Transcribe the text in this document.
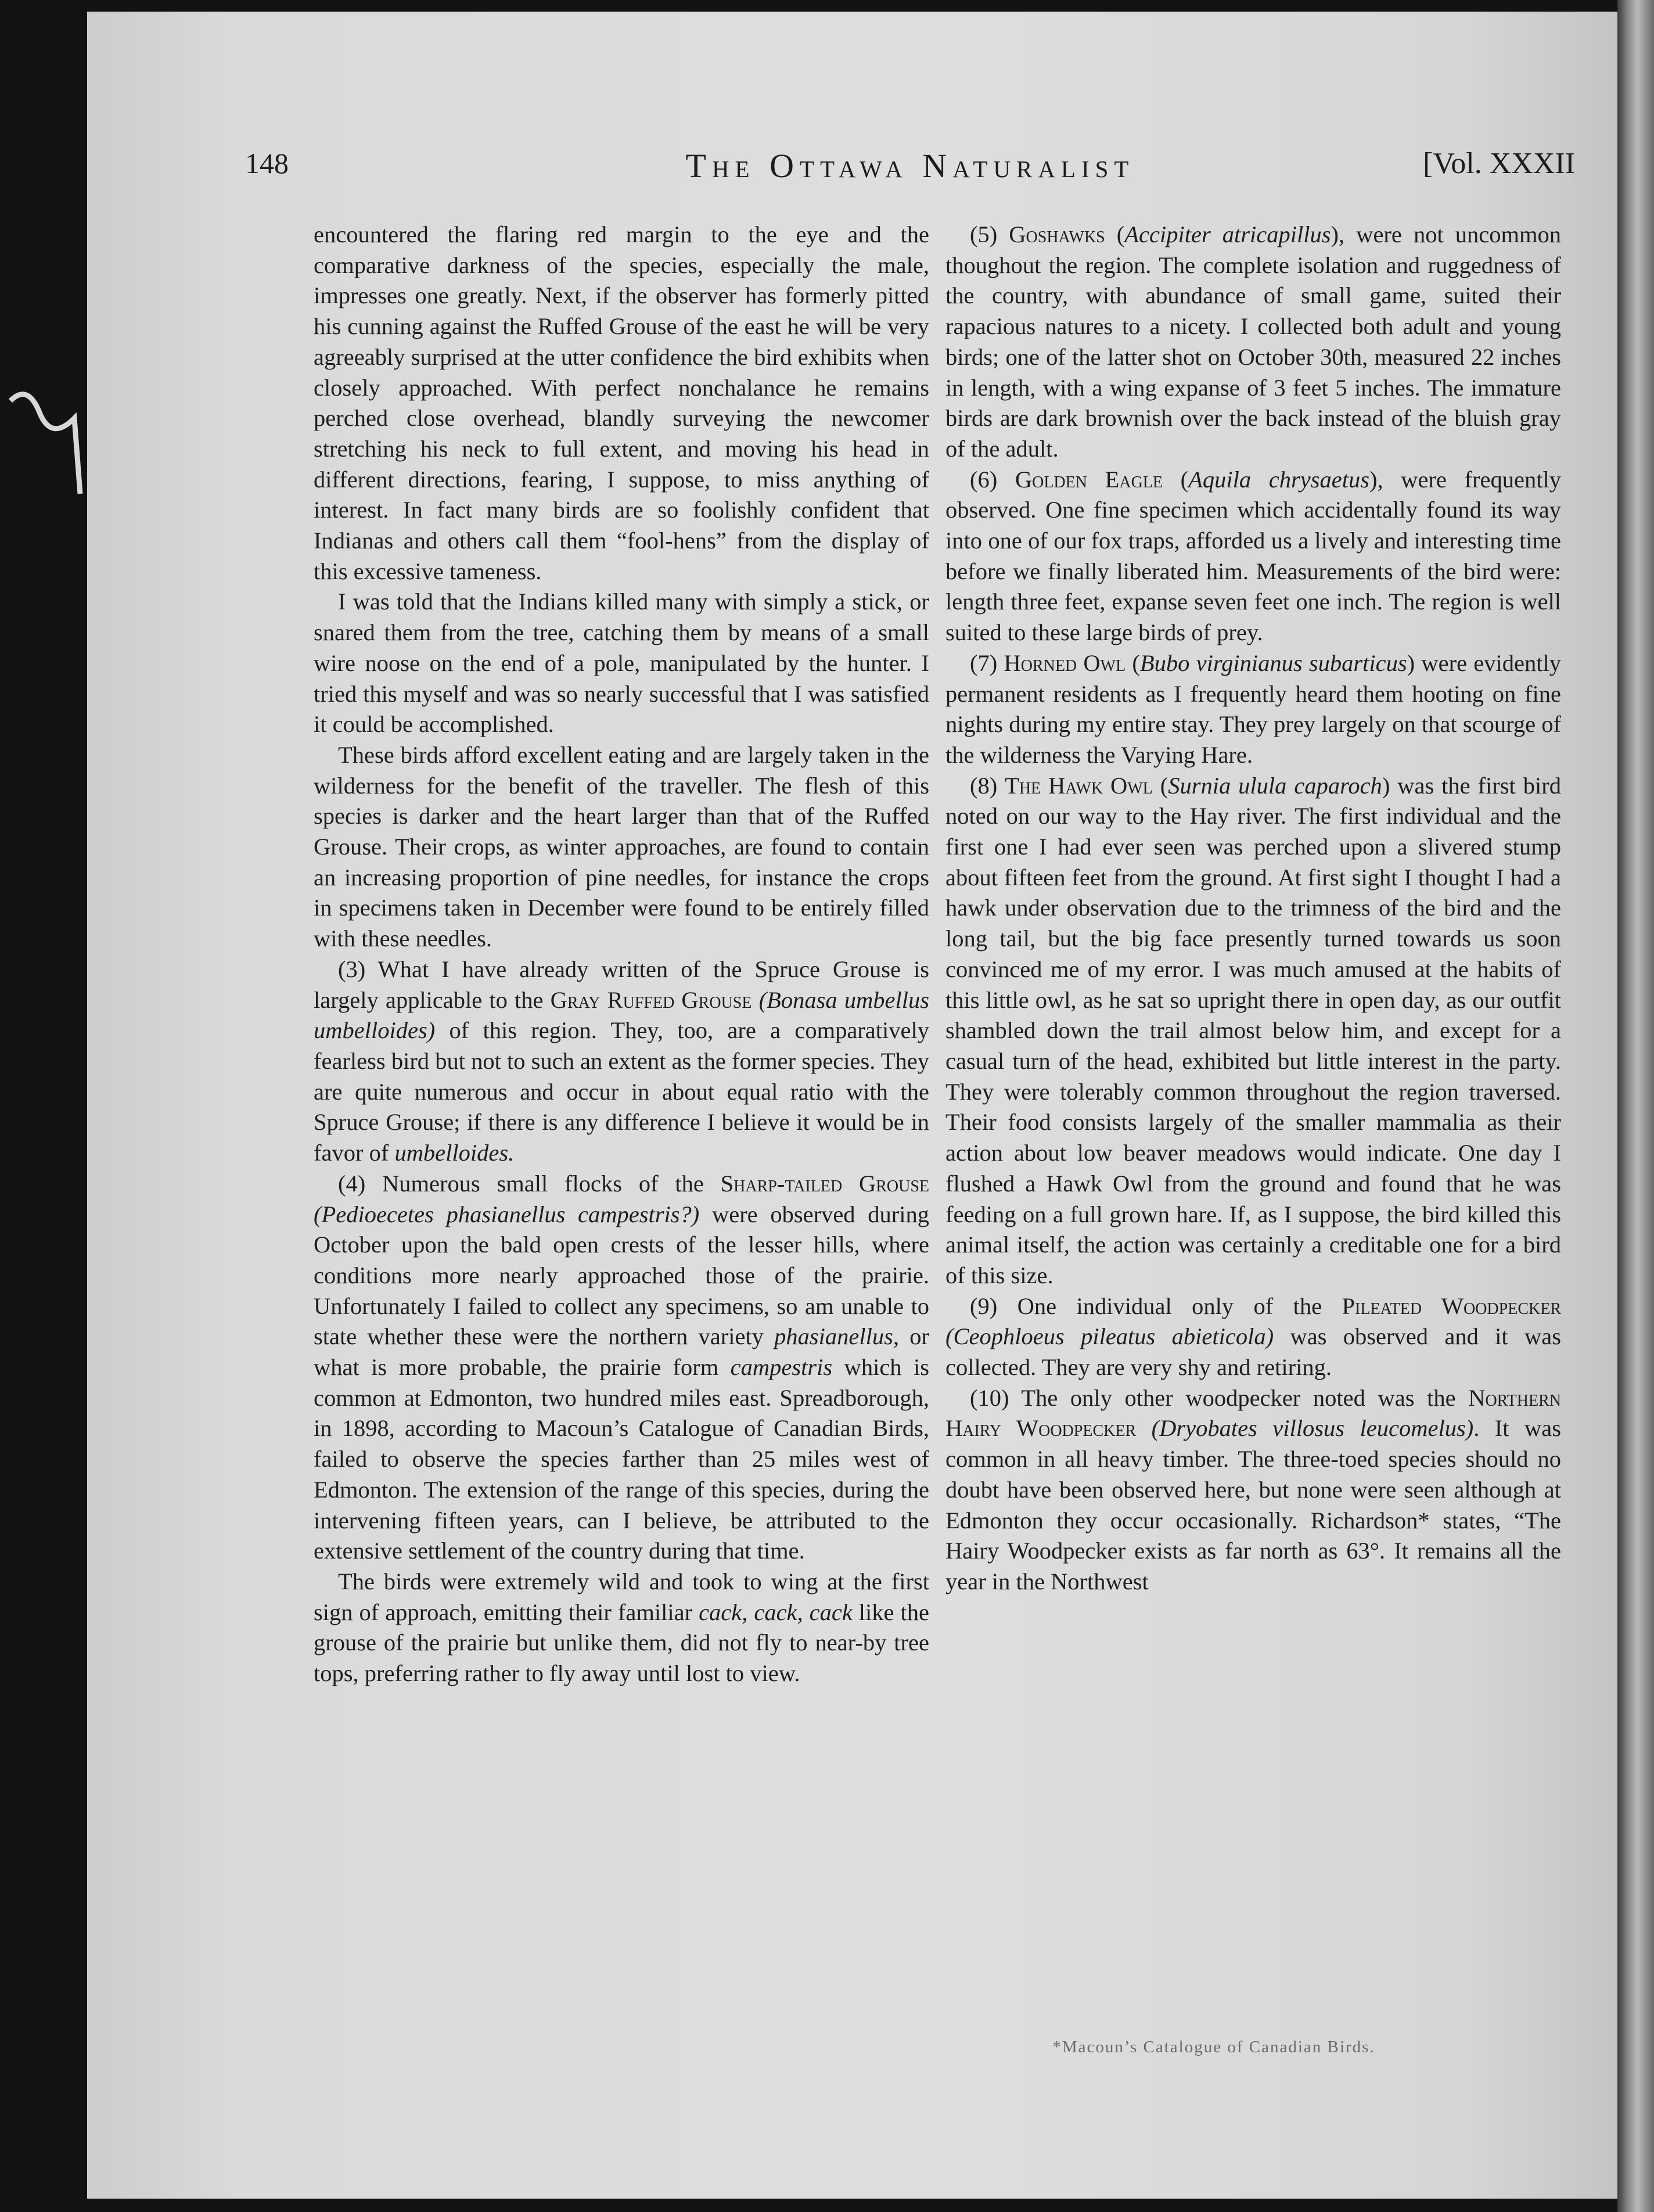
148	The Ottawa Naturalist	[Vol. XXXII

encountered the flaring red margin to the eye and the comparative darkness of the species, especially the male, impresses one greatly. Next, if the observer has formerly pitted his cunning against the Ruffed Grouse of the east he will be very agreeably surprised at the utter confidence the bird exhibits when closely approached. With perfect nonchalance he remains perched close overhead, blandly surveying the newcomer stretching his neck to full extent, and moving his head in different directions, fearing, I suppose, to miss anything of interest. In fact many birds are so foolishly confident that Indianas and others call them “fool-hens” from the display of this excessive tameness.

I was told that the Indians killed many with simply a stick, or snared them from the tree, catching them by means of a small wire noose on the end of a pole, manipulated by the hunter. I tried this myself and was so nearly successful that I was satisfied it could be accomplished.

These birds afford excellent eating and are largely taken in the wilderness for the benefit of the traveller. The flesh of this species is darker and the heart larger than that of the Ruffed Grouse. Their crops, as winter approaches, are found to contain an increasing proportion of pine needles, for instance the crops in specimens taken in December were found to be entirely filled with these needles.

(3) What I have already written of the Spruce Grouse is largely applicable to the Gray Ruffed Grouse (Bonasa umbellus umbelloides) of this region. They, too, are a comparatively fearless bird but not to such an extent as the former species. They are quite numerous and occur in about equal ratio with the Spruce Grouse; if there is any difference I believe it would be in favor of umbelloides.

(4) Numerous small flocks of the Sharp-tailed Grouse (Pedioecetes phasianellus campestris?) were observed during October upon the bald open crests of the lesser hills, where conditions more nearly approached those of the prairie. Unfortunately I failed to collect any specimens, so am unable to state whether these were the northern variety phasianellus, or what is more probable, the prairie form campestris which is common at Edmonton, two hundred miles east. Spreadborough, in 1898, according to Macoun’s Catalogue of Canadian Birds, failed to observe the species farther than 25 miles west of Edmonton. The extension of the range of this species, during the intervening fifteen years, can I believe, be attributed to the extensive settlement of the country during that time.

The birds were extremely wild and took to wing at the first sign of approach, emitting their familiar cack, cack, cack like the grouse of the prairie but unlike them, did not fly to near-by tree tops, preferring rather to fly away until lost to view.

(5) Goshawks (Accipiter atricapillus), were not uncommon thoughout the region. The complete isolation and ruggedness of the country, with abundance of small game, suited their rapacious natures to a nicety. I collected both adult and young birds; one of the latter shot on October 30th, measured 22 inches in length, with a wing expanse of 3 feet 5 inches. The immature birds are dark brownish over the back instead of the bluish gray of the adult.

(6) Golden Eagle (Aquila chrysaetus), were frequently observed. One fine specimen which accidentally found its way into one of our fox traps, afforded us a lively and interesting time before we finally liberated him. Measurements of the bird were: length three feet, expanse seven feet one inch. The region is well suited to these large birds of prey.

(7) Horned Owl (Bubo virginianus subarticus) were evidently permanent residents as I frequently heard them hooting on fine nights during my entire stay. They prey largely on that scourge of the wilderness the Varying Hare.

(8) The Hawk Owl (Surnia ulula caparoch) was the first bird noted on our way to the Hay river. The first individual and the first one I had ever seen was perched upon a slivered stump about fifteen feet from the ground. At first sight I thought I had a hawk under observation due to the trimness of the bird and the long tail, but the big face presently turned towards us soon convinced me of my error. I was much amused at the habits of this little owl, as he sat so upright there in open day, as our outfit shambled down the trail almost below him, and except for a casual turn of the head, exhibited but little interest in the party. They were tolerably common throughout the region traversed. Their food consists largely of the smaller mammalia as their action about low beaver meadows would indicate. One day I flushed a Hawk Owl from the ground and found that he was feeding on a full grown hare. If, as I suppose, the bird killed this animal itself, the action was certainly a creditable one for a bird of this size.

(9) One individual only of the Pileated Woodpecker (Ceophloeus pileatus abieticola) was observed and it was collected. They are very shy and retiring.

(10) The only other woodpecker noted was the Northern Hairy Woodpecker (Dryobates villosus leucomelus). It was common in all heavy timber. The three-toed species should no doubt have been observed here, but none were seen although at Edmonton they occur occasionally. Richardson* states, “The Hairy Woodpecker exists as far north as 63°. It remains all the year in the Northwest

*Macoun’s Catalogue of Canadian Birds.
